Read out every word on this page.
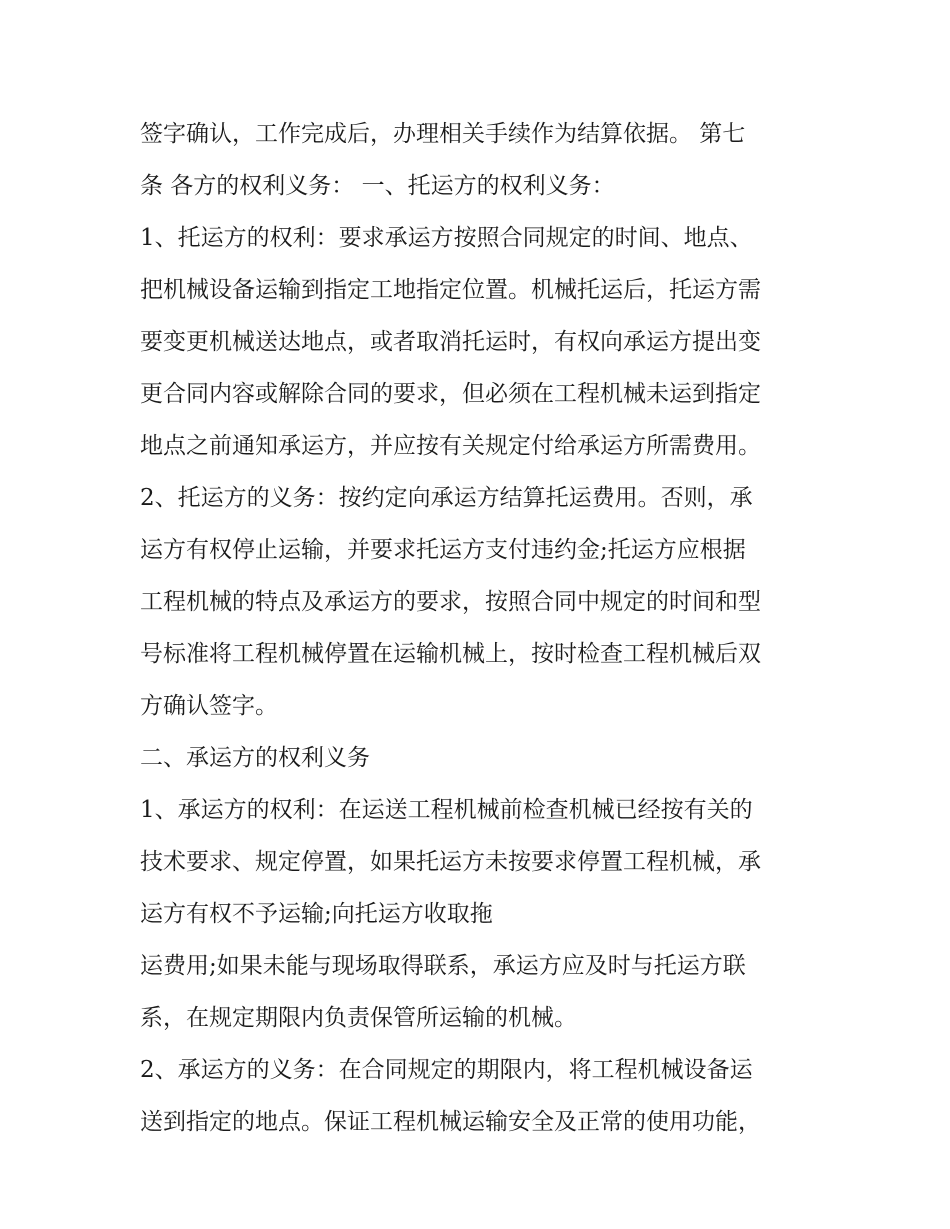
签字确认，工作完成后，办理相关手续作为结算依据。 第七
条 各方的权利义务： 一、托运方的权利义务：
1、托运方的权利：要求承运方按照合同规定的时间、地点、
把机械设备运输到指定工地指定位置。机械托运后，托运方需
要变更机械送达地点，或者取消托运时，有权向承运方提出变
更合同内容或解除合同的要求，但必须在工程机械未运到指定
地点之前通知承运方，并应按有关规定付给承运方所需费用。
2、托运方的义务：按约定向承运方结算托运费用。否则，承
运方有权停止运输，并要求托运方支付违约金;托运方应根据
工程机械的特点及承运方的要求，按照合同中规定的时间和型
号标准将工程机械停置在运输机械上，按时检查工程机械后双
方确认签字。
二、承运方的权利义务
1、承运方的权利：在运送工程机械前检查机械已经按有关的
技术要求、规定停置，如果托运方未按要求停置工程机械，承
运方有权不予运输;向托运方收取拖
运费用;如果未能与现场取得联系，承运方应及时与托运方联
系，在规定期限内负责保管所运输的机械。
2、承运方的义务：在合同规定的期限内，将工程机械设备运
送到指定的地点。保证工程机械运输安全及正常的使用功能，
